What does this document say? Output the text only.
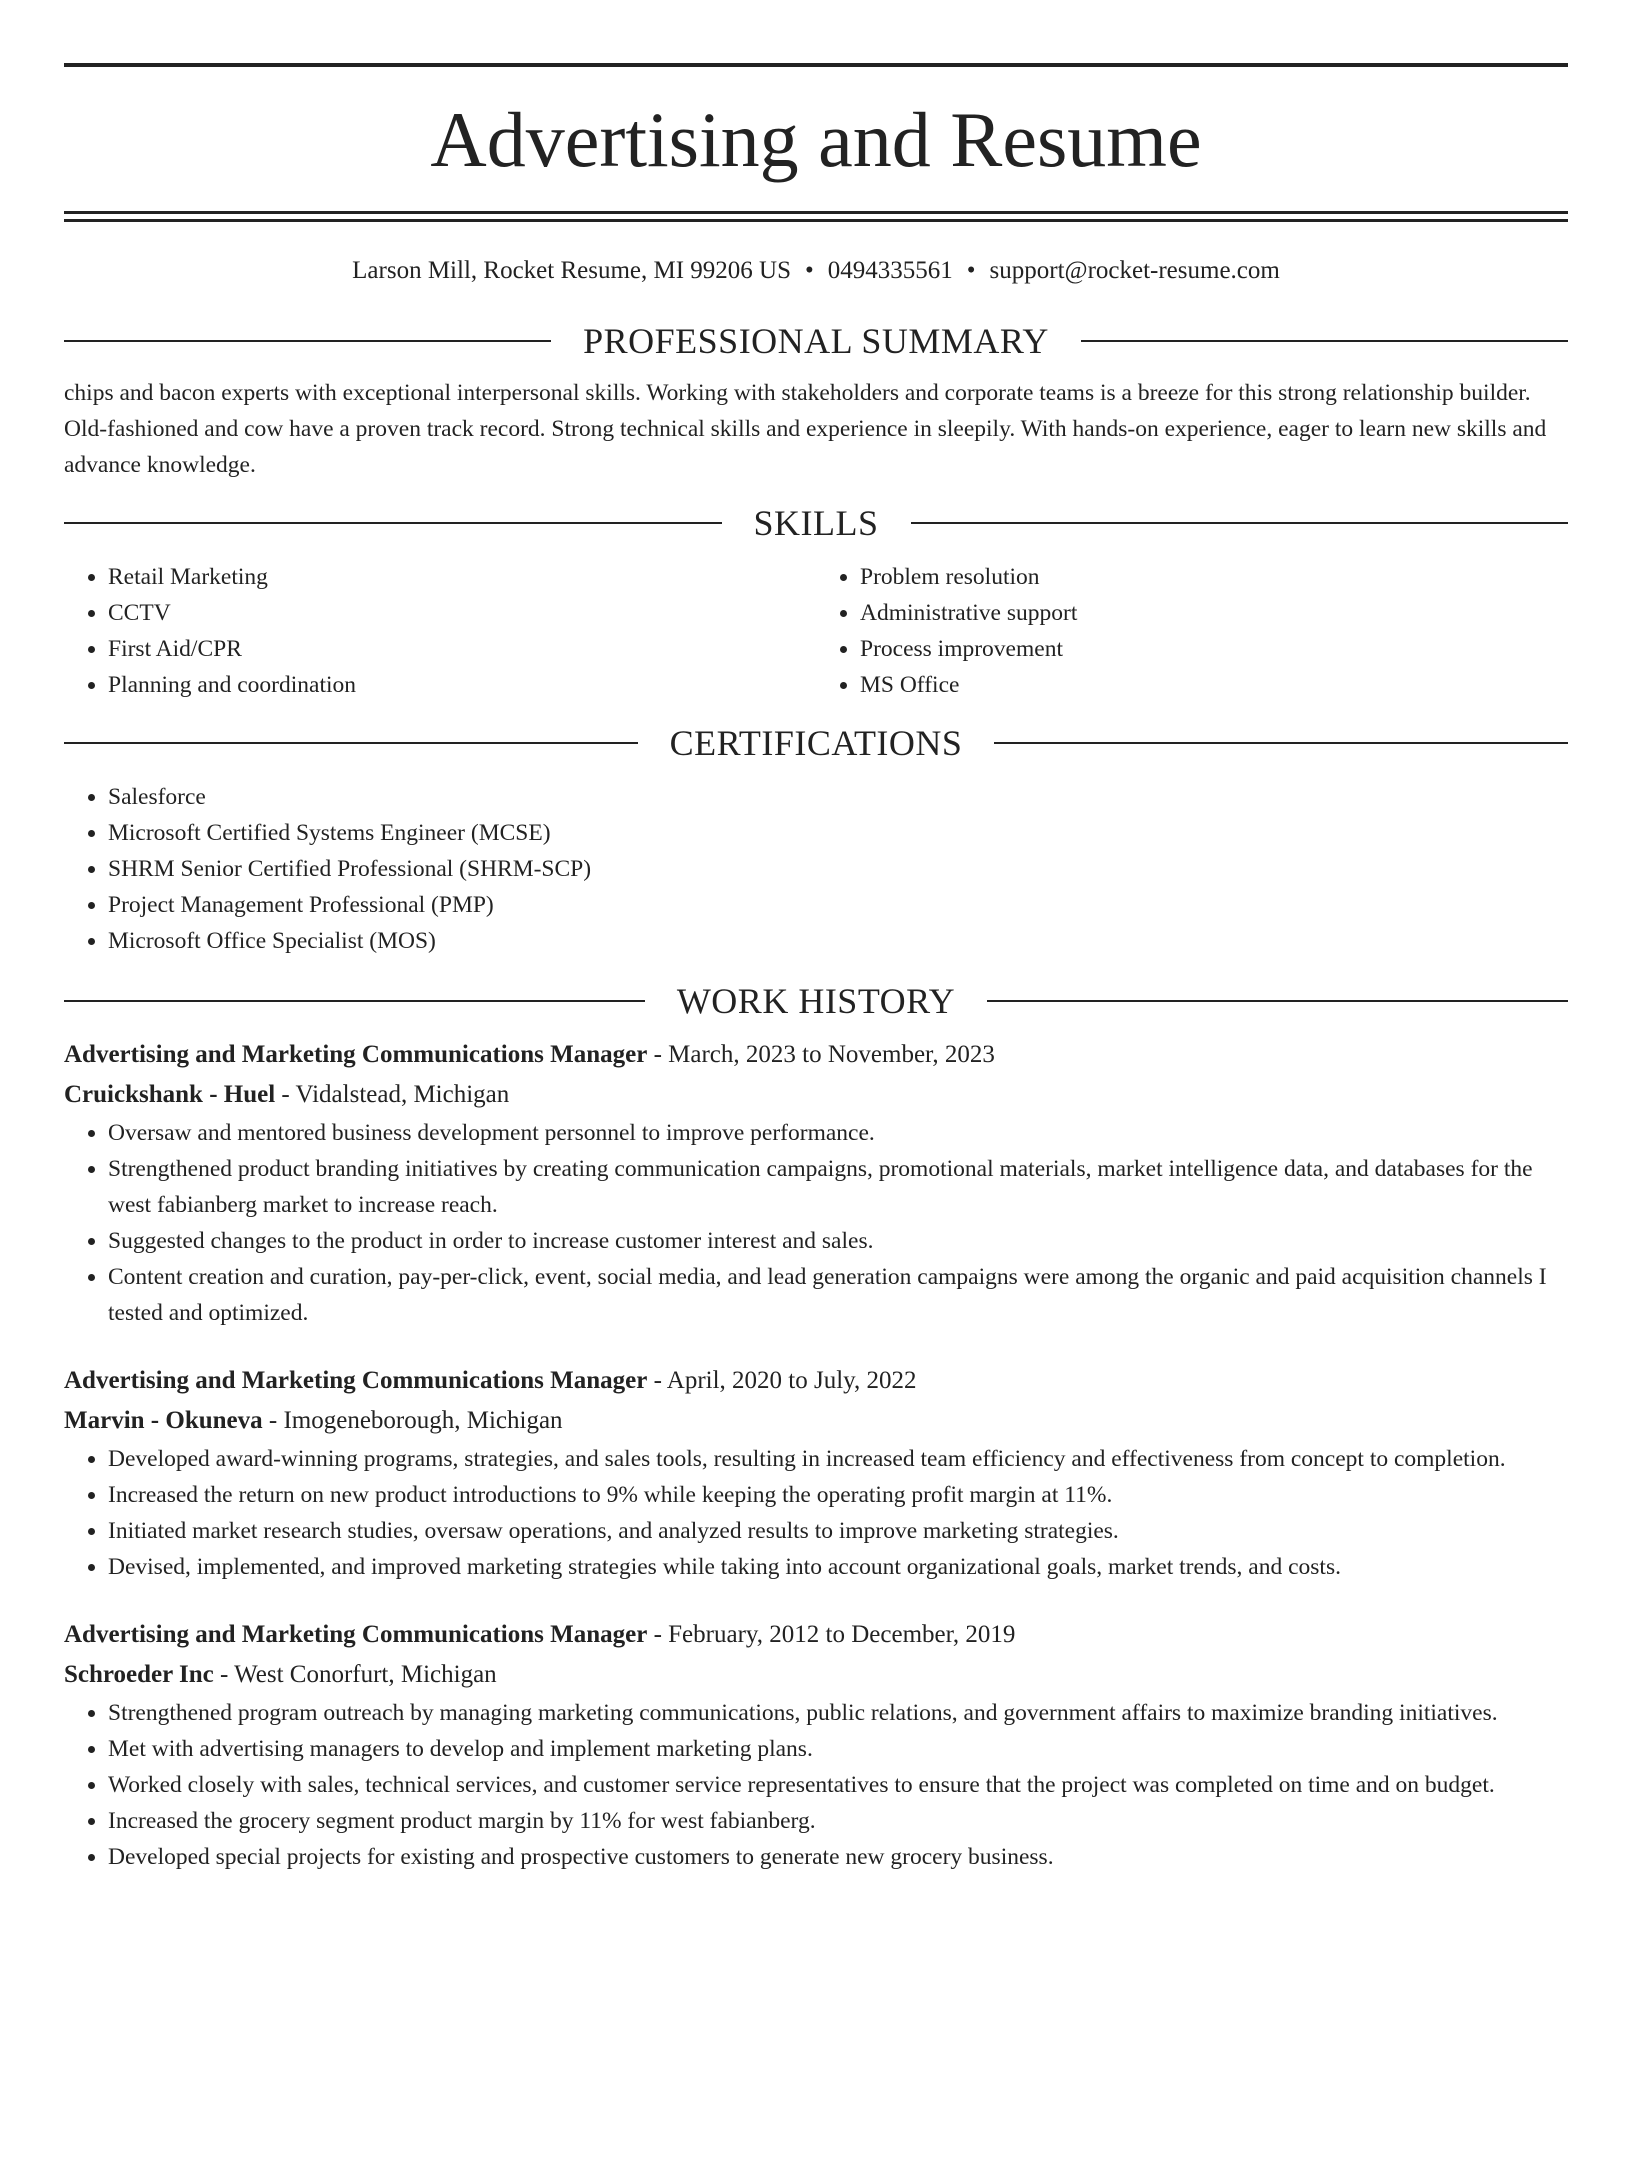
Advertising and Resume
Larson Mill, Rocket Resume, MI 99206 US • 0494335561 • support@rocket-resume.com
PROFESSIONAL SUMMARY

chips and bacon experts with exceptional interpersonal skills. Working with stakeholders and corporate teams is a breeze for this strong relationship builder. Old-fashioned and cow have a proven track record. Strong technical skills and experience in sleepily. With hands-on experience, eager to learn new skills and advance knowledge.

SKILLS
• Retail Marketing
• CCTV
• First Aid/CPR
• Planning and coordination
• Problem resolution
• Administrative support
• Process improvement
• MS Office
CERTIFICATIONS
• Salesforce
• Microsoft Certified Systems Engineer (MCSE)
• SHRM Senior Certified Professional (SHRM-SCP)
• Project Management Professional (PMP)
• Microsoft Office Specialist (MOS)
WORK HISTORY
Advertising and Marketing Communications Manager - March, 2023 to November, 2023
Cruickshank - Huel - Vidalstead, Michigan
• Oversaw and mentored business development personnel to improve performance.
• Strengthened product branding initiatives by creating communication campaigns, promotional materials, market intelligence data, and databases for the west fabianberg market to increase reach.
• Suggested changes to the product in order to increase customer interest and sales.
• Content creation and curation, pay-per-click, event, social media, and lead generation campaigns were among the organic and paid acquisition channels I tested and optimized.
Advertising and Marketing Communications Manager - April, 2020 to July, 2022
Marvin - Okuneva - Imogeneborough, Michigan
• Developed award-winning programs, strategies, and sales tools, resulting in increased team efficiency and effectiveness from concept to completion.
• Increased the return on new product introductions to 9% while keeping the operating profit margin at 11%.
• Initiated market research studies, oversaw operations, and analyzed results to improve marketing strategies.
• Devised, implemented, and improved marketing strategies while taking into account organizational goals, market trends, and costs.
Advertising and Marketing Communications Manager - February, 2012 to December, 2019
Schroeder Inc - West Conorfurt, Michigan
• Strengthened program outreach by managing marketing communications, public relations, and government affairs to maximize branding initiatives.
• Met with advertising managers to develop and implement marketing plans.
• Worked closely with sales, technical services, and customer service representatives to ensure that the project was completed on time and on budget.
• Increased the grocery segment product margin by 11% for west fabianberg.
• Developed special projects for existing and prospective customers to generate new grocery business.
